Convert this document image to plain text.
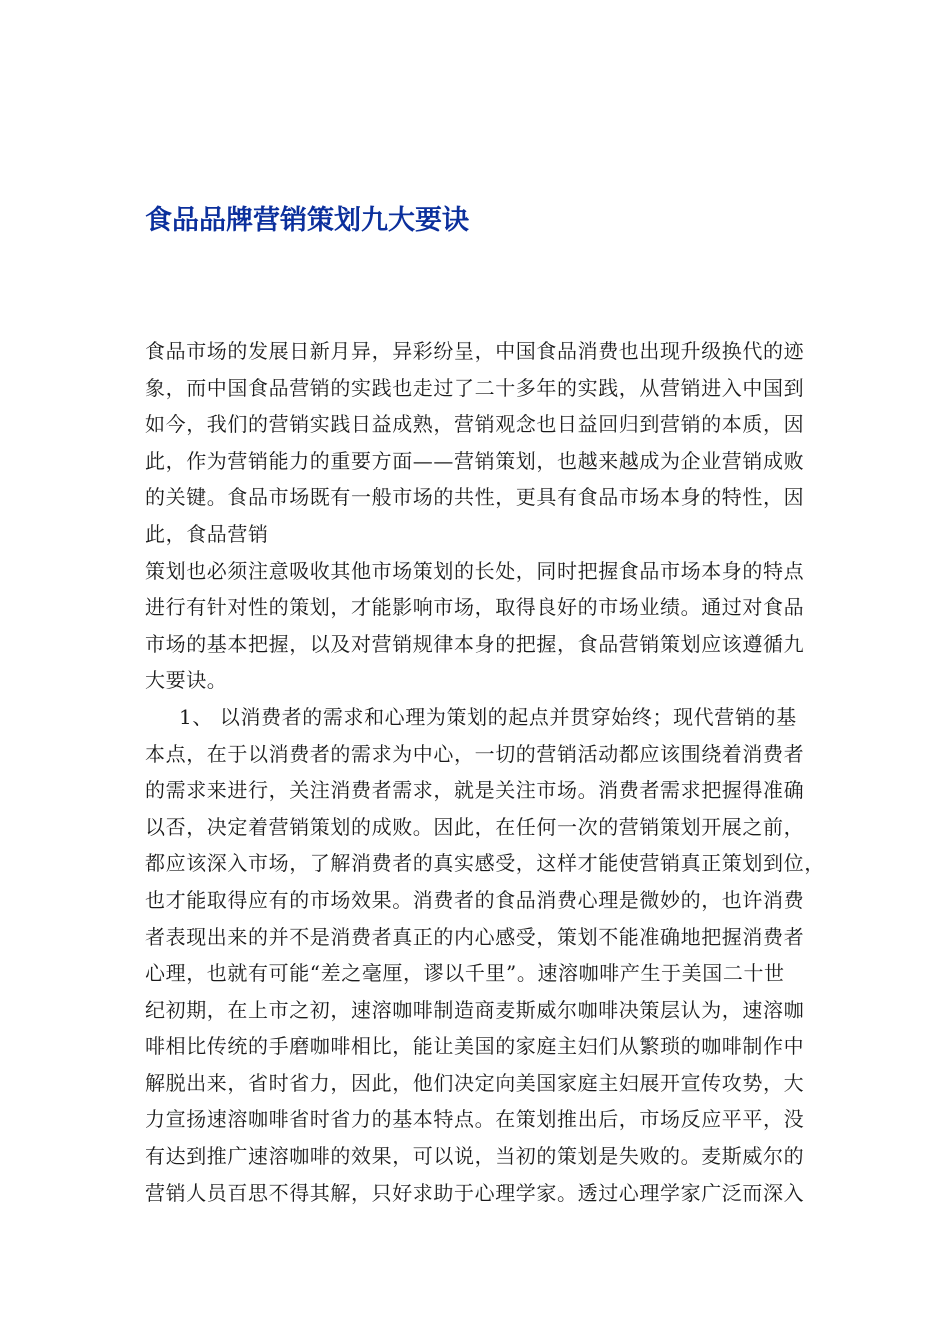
食品品牌营销策划九大要诀
食品市场的发展日新月异，异彩纷呈，中国食品消费也出现升级换代的迹
象，而中国食品营销的实践也走过了二十多年的实践，从营销进入中国到
如今，我们的营销实践日益成熟，营销观念也日益回归到营销的本质，因
此，作为营销能力的重要方面——营销策划，也越来越成为企业营销成败
的关键。食品市场既有一般市场的共性，更具有食品市场本身的特性，因
此，食品营销
策划也必须注意吸收其他市场策划的长处，同时把握食品市场本身的特点
进行有针对性的策划，才能影响市场，取得良好的市场业绩。通过对食品
市场的基本把握，以及对营销规律本身的把握，食品营销策划应该遵循九
大要诀。
1、 以消费者的需求和心理为策划的起点并贯穿始终；现代营销的基
本点，在于以消费者的需求为中心，一切的营销活动都应该围绕着消费者
的需求来进行，关注消费者需求，就是关注市场。消费者需求把握得准确
以否，决定着营销策划的成败。因此，在任何一次的营销策划开展之前，
都应该深入市场，了解消费者的真实感受，这样才能使营销真正策划到位，
也才能取得应有的市场效果。消费者的食品消费心理是微妙的，也许消费
者表现出来的并不是消费者真正的内心感受，策划不能准确地把握消费者
心理，也就有可能“差之毫厘，谬以千里”。速溶咖啡产生于美国二十世
纪初期，在上市之初，速溶咖啡制造商麦斯威尔咖啡决策层认为，速溶咖
啡相比传统的手磨咖啡相比，能让美国的家庭主妇们从繁琐的咖啡制作中
解脱出来，省时省力，因此，他们决定向美国家庭主妇展开宣传攻势，大
力宣扬速溶咖啡省时省力的基本特点。在策划推出后，市场反应平平，没
有达到推广速溶咖啡的效果，可以说，当初的策划是失败的。麦斯威尔的
营销人员百思不得其解，只好求助于心理学家。透过心理学家广泛而深入
